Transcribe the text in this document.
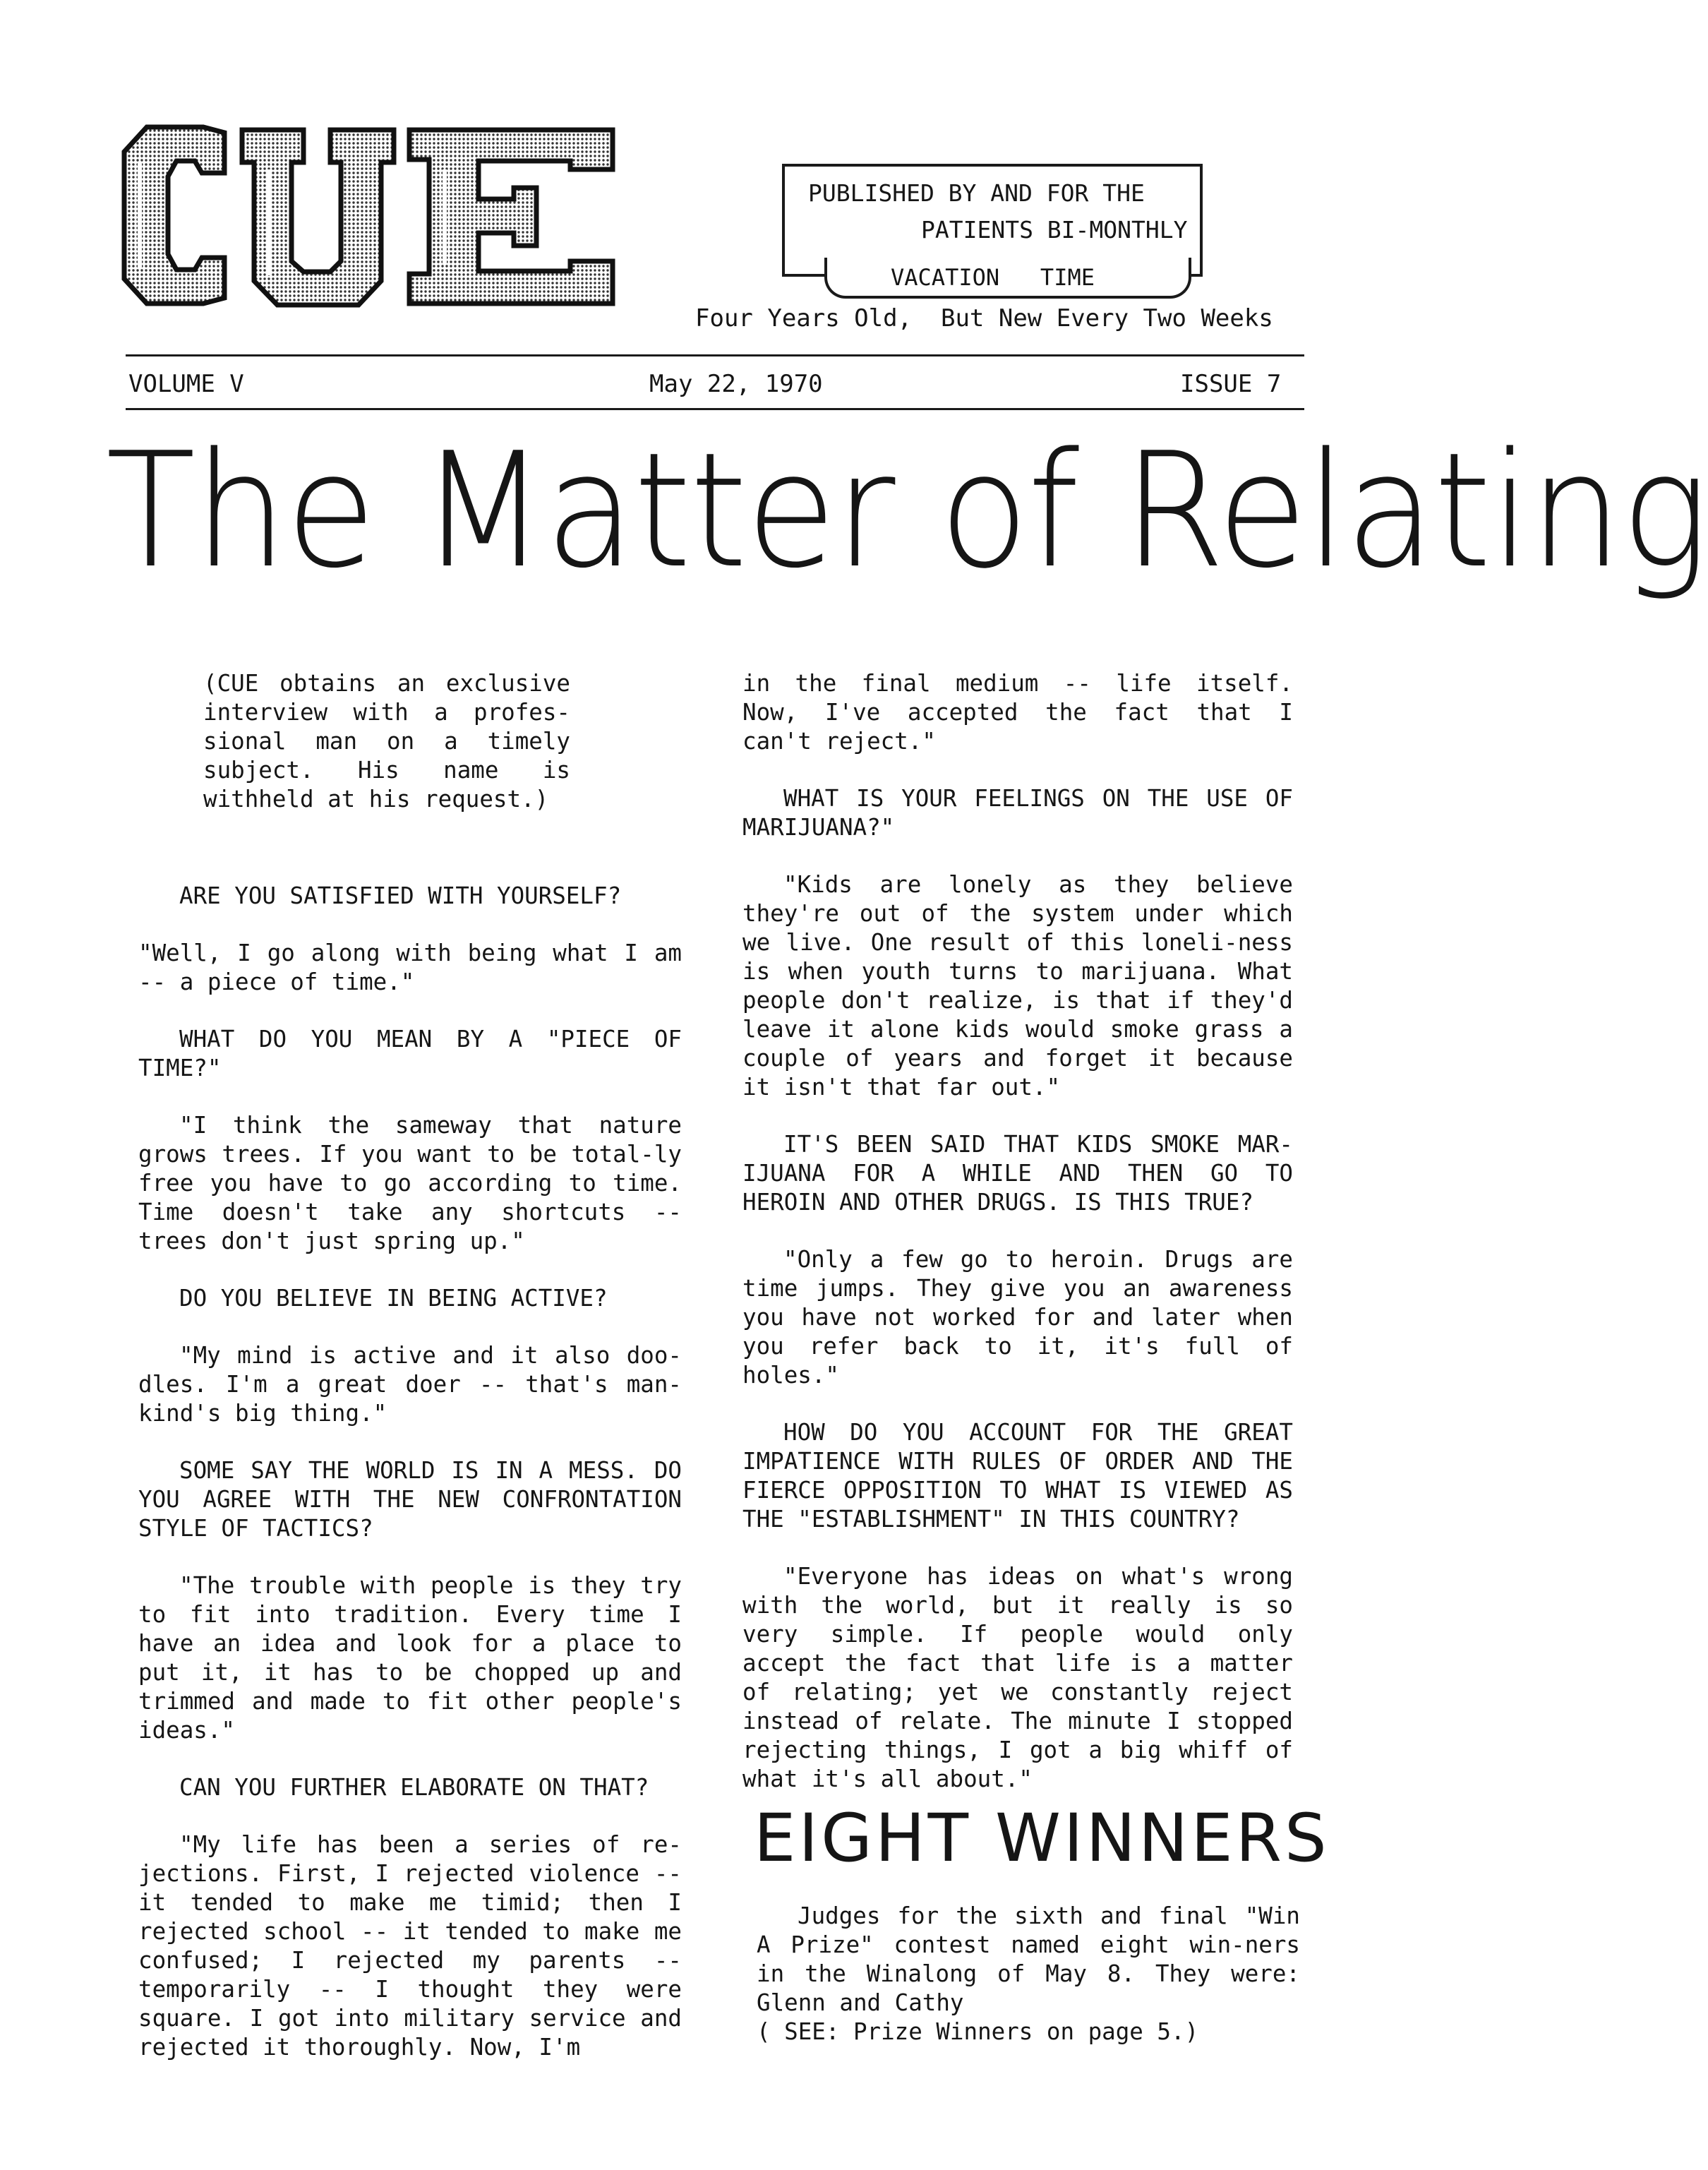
PUBLISHED BY AND FOR THE
PATIENTS BI-MONTHLY
VACATION   TIME
Four Years Old,  But New Every Two Weeks
VOLUME V	May 22, 1970	ISSUE 7
The Matter of Relating

(CUE obtains an exclusive interview with a profes-sional man on a timely subject. His name is withheld at his request.)

ARE YOU SATISFIED WITH YOURSELF?

"Well, I go along with being what I am -- a piece of time."

WHAT DO YOU MEAN BY A "PIECE OF TIME?"

"I think the sameway that nature grows trees. If you want to be total-ly free you have to go according to time. Time doesn't take any shortcuts -- trees don't just spring up."

DO YOU BELIEVE IN BEING ACTIVE?

"My mind is active and it also doo-dles. I'm a great doer -- that's man-kind's big thing."

SOME SAY THE WORLD IS IN A MESS. DO YOU AGREE WITH THE NEW CONFRONTATION STYLE OF TACTICS?

"The trouble with people is they try to fit into tradition. Every time I have an idea and look for a place to put it, it has to be chopped up and trimmed and made to fit other people's ideas."

CAN YOU FURTHER ELABORATE ON THAT?

"My life has been a series of re-jections. First, I rejected violence -- it tended to make me timid; then I rejected school -- it tended to make me confused; I rejected my parents -- temporarily -- I thought they were square. I got into military service and rejected it thoroughly. Now, I'm

in the final medium -- life itself. Now, I've accepted the fact that I can't reject."

WHAT IS YOUR FEELINGS ON THE USE OF MARIJUANA?"

"Kids are lonely as they believe they're out of the system under which we live. One result of this loneli-ness is when youth turns to marijuana. What people don't realize, is that if they'd leave it alone kids would smoke grass a couple of years and forget it because it isn't that far out."

IT'S BEEN SAID THAT KIDS SMOKE MAR-IJUANA FOR A WHILE AND THEN GO TO HEROIN AND OTHER DRUGS. IS THIS TRUE?

"Only a few go to heroin. Drugs are time jumps. They give you an awareness you have not worked for and later when you refer back to it, it's full of holes."

HOW DO YOU ACCOUNT FOR THE GREAT IMPATIENCE WITH RULES OF ORDER AND THE FIERCE OPPOSITION TO WHAT IS VIEWED AS THE "ESTABLISHMENT" IN THIS COUNTRY?

"Everyone has ideas on what's wrong with the world, but it really is so very simple. If people would only accept the fact that life is a matter of relating; yet we constantly reject instead of relate. The minute I stopped rejecting things, I got a big whiff of what it's all about."

EIGHT WINNERS

Judges for the sixth and final "Win A Prize" contest named eight win-ners in the Winalong of May 8. They were: Glenn and Cathy

( SEE: Prize Winners on page 5.)
